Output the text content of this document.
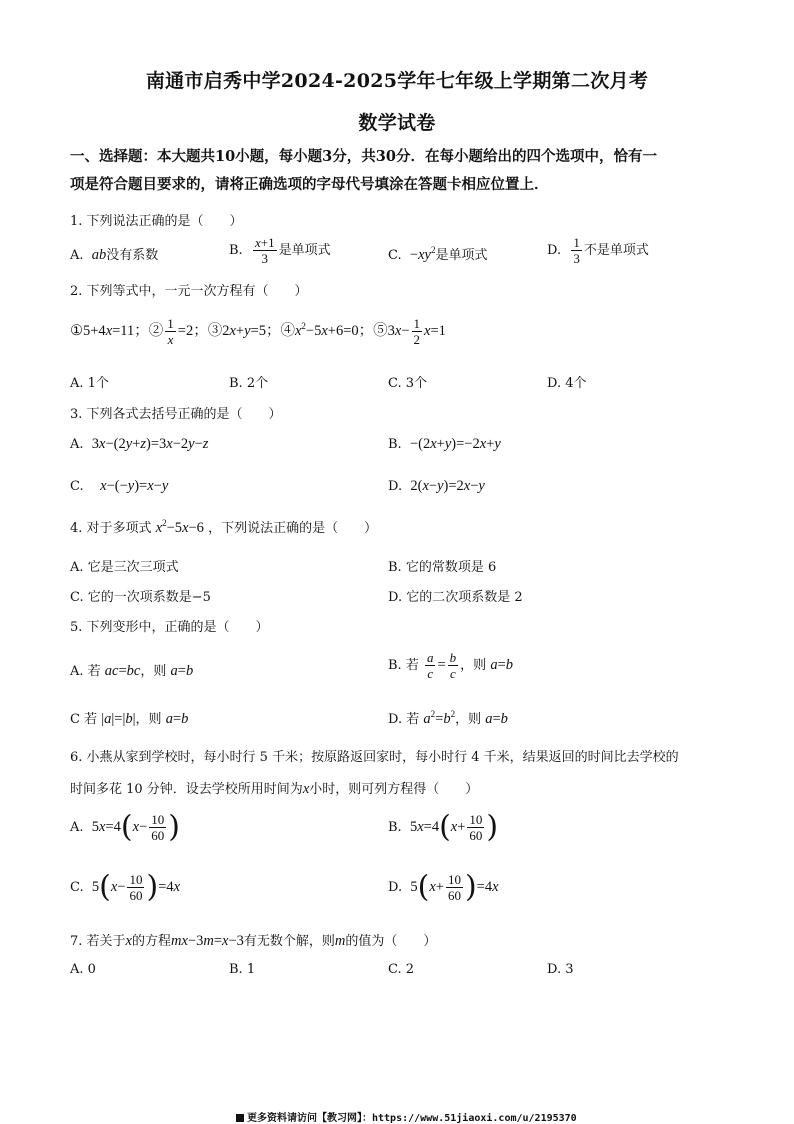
南通市启秀中学2024-2025学年七年级上学期第二次月考
数学试卷
一、选择题：本大题共10小题，每小题3分，共30分．在每小题给出的四个选项中，恰有一
项是符合题目要求的，请将正确选项的字母代号填涂在答题卡相应位置上．
1. 下列说法正确的是（　　）
A. ab没有系数	B. $\frac{x+1}{3}$ 是单项式	C. $-xy^2$是单项式	D. $\frac{1}{3}$ 不是单项式
2. 下列等式中，一元一次方程有（　　）
①5+4x=11；② $\frac{1}{x} =2$；③2x+y=5；$④x^2-5x+6=0$；⑤3x− $\frac{1}{2} x=1$
A. 1个	B. 2个	C. 3个	D. 4个
3. 下列各式去括号正确的是（　　）
A. 3x−(2y+z)=3x−2y−z	B. −(2x+y)=−2x+y
C. x−(−y)=x−y	D. 2(x−y)=2x−y
4. 对于多项式 $x^2-5x-6$ ，下列说法正确的是（　　）
A. 它是三次三项式	B. 它的常数项是 6
C. 它的一次项系数是−5	D. 它的二次项系数是 2
5. 下列变形中，正确的是（　　）
A. 若 ac=bc，则 a=b	B. 若 $\frac{a}{c} = \frac{b}{c}$ ，则 a=b
C 若 |a|=|b|，则 a=b	D. 若 $a^2=b^2$，则 a=b
6. 小燕从家到学校时，每小时行 5 千米；按原路返回家时，每小时行 4 千米，结果返回的时间比去学校的
时间多花 10 分钟．设去学校所用时间为x小时，则可列方程得（　　）
A. $5x=4(x- \frac{10}{60}$ )	B. $5x=4(x+ \frac{10}{60}$ )
C. $5(x- \frac{10}{60} )=4x$	D. $5(x+ \frac{10}{60} )=4x$
7. 若关于x的方程mx−3m=x−3有无数个解，则m的值为（　　）
A. 0	B. 1	C. 2	D. 3
更多资料请访问【教习网】：https://www.51jiaoxi.com/u/2195370
